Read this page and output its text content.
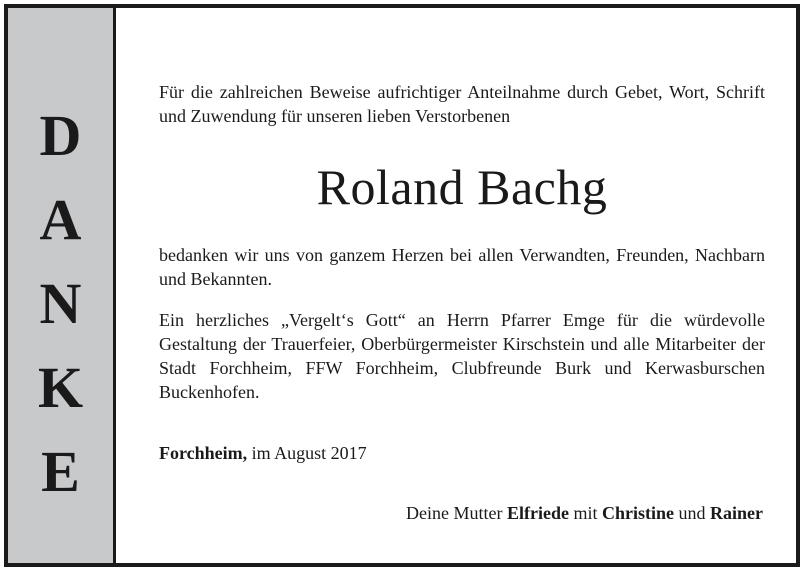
D
A
N
K
E

Für die zahlreichen Beweise aufrichtiger Anteilnahme durch Gebet, Wort, Schrift und Zuwendung für unseren lieben Verstorbenen

Roland Bachg

bedanken wir uns von ganzem Herzen bei allen Verwandten, Freunden, Nachbarn und Bekannten.

Ein herzliches „Vergelt‘s Gott“ an Herrn Pfarrer Emge für die würdevolle Gestaltung der Trauerfeier, Oberbürgermeister Kirschstein und alle Mitarbeiter der Stadt Forchheim, FFW Forchheim, Clubfreunde Burk und Kerwasburschen Buckenhofen.

Forchheim, im August 2017

Deine Mutter Elfriede mit Christine und Rainer
